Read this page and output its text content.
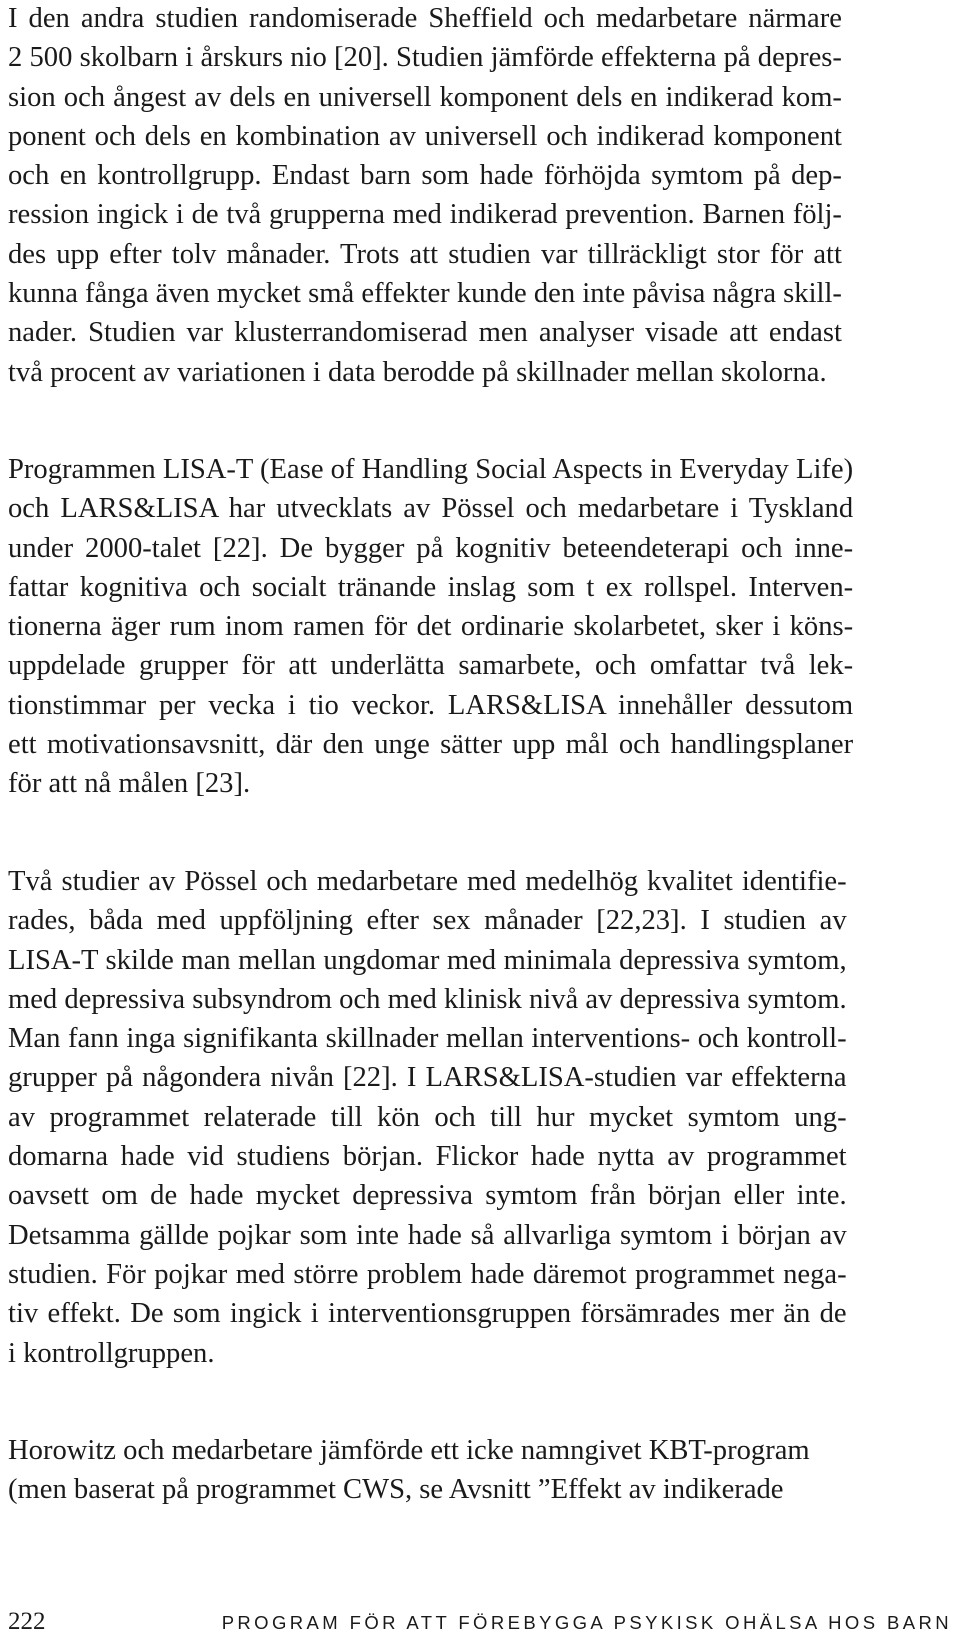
I den andra studien randomiserade Sheffield och medarbetare närmare
2 500 skolbarn i årskurs nio [20]. Studien jämförde effekterna på depres-
sion och ångest av dels en universell komponent dels en indikerad kom-
ponent och dels en kombination av universell och indikerad komponent
och en kontrollgrupp. Endast barn som hade förhöjda symtom på dep-
ression ingick i de två grupperna med indikerad prevention. Barnen följ-
des upp efter tolv månader. Trots att studien var tillräckligt stor för att
kunna fånga även mycket små effekter kunde den inte påvisa några skill-
nader. Studien var klusterrandomiserad men analyser visade att endast
två procent av variationen i data berodde på skillnader mellan skolorna.
Programmen LISA-T (Ease of Handling Social Aspects in Everyday Life)
och LARS&LISA har utvecklats av Pössel och medarbetare i Tyskland
under 2000-talet [22]. De bygger på kognitiv beteendeterapi och inne-
fattar kognitiva och socialt tränande inslag som t ex rollspel. Interven-
tionerna äger rum inom ramen för det ordinarie skolarbetet, sker i köns-
uppdelade grupper för att underlätta samarbete, och omfattar två lek-
tionstimmar per vecka i tio veckor. LARS&LISA innehåller dessutom
ett motivationsavsnitt, där den unge sätter upp mål och handlingsplaner
för att nå målen [23].
Två studier av Pössel och medarbetare med medelhög kvalitet identifie-
rades, båda med uppföljning efter sex månader [22,23]. I studien av
LISA-T skilde man mellan ungdomar med minimala depressiva symtom,
med depressiva subsyndrom och med klinisk nivå av depressiva symtom.
Man fann inga signifikanta skillnader mellan interventions- och kontroll-
grupper på någondera nivån [22]. I LARS&LISA-studien var effekterna
av programmet relaterade till kön och till hur mycket symtom ung-
domarna hade vid studiens början. Flickor hade nytta av programmet
oavsett om de hade mycket depressiva symtom från början eller inte.
Detsamma gällde pojkar som inte hade så allvarliga symtom i början av
studien. För pojkar med större problem hade däremot programmet nega-
tiv effekt. De som ingick i interventionsgruppen försämrades mer än de
i kontrollgruppen.
Horowitz och medarbetare jämförde ett icke namngivet KBT-program
(men baserat på programmet CWS, se Avsnitt ”Effekt av indikerade
222	PROGRAM FÖR ATT FÖREBYGGA PSYKISK OHÄLSA HOS BARN
